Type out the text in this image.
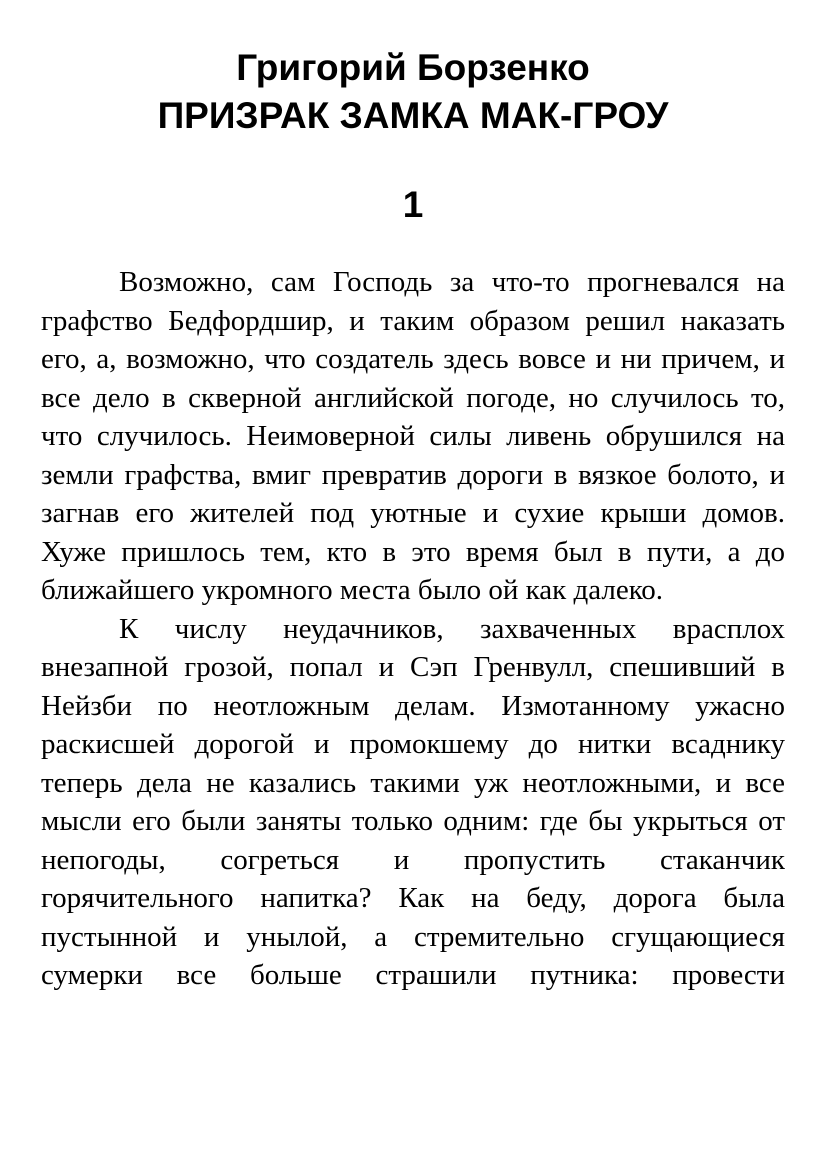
Григорий Борзенко
ПРИЗРАК ЗАМКА МАК-ГРОУ
1

Возможно, сам Господь за что-то прогневался на графство Бедфордшир, и таким образом решил наказать его, а, возможно, что создатель здесь вовсе и ни причем, и все дело в скверной английской погоде, но случилось то, что случилось. Неимоверной силы ливень обрушился на земли графства, вмиг превратив дороги в вязкое болото, и загнав его жителей под уютные и сухие крыши домов. Хуже пришлось тем, кто в это время был в пути, а до ближайшего укромного места было ой как далеко.

К числу неудачников, захваченных врасплох внезапной грозой, попал и Сэп Гренвулл, спешивший в Нейзби по неотложным делам. Измотанному ужасно раскисшей дорогой и промокшему до нитки всаднику теперь дела не казались такими уж неотложными, и все мысли его были заняты только одним: где бы укрыться от непогоды, согреться и пропустить стаканчик горячительного напитка? Как на беду, дорога была пустынной и унылой, а стремительно сгущающиеся сумерки все больше страшили путника: провести
